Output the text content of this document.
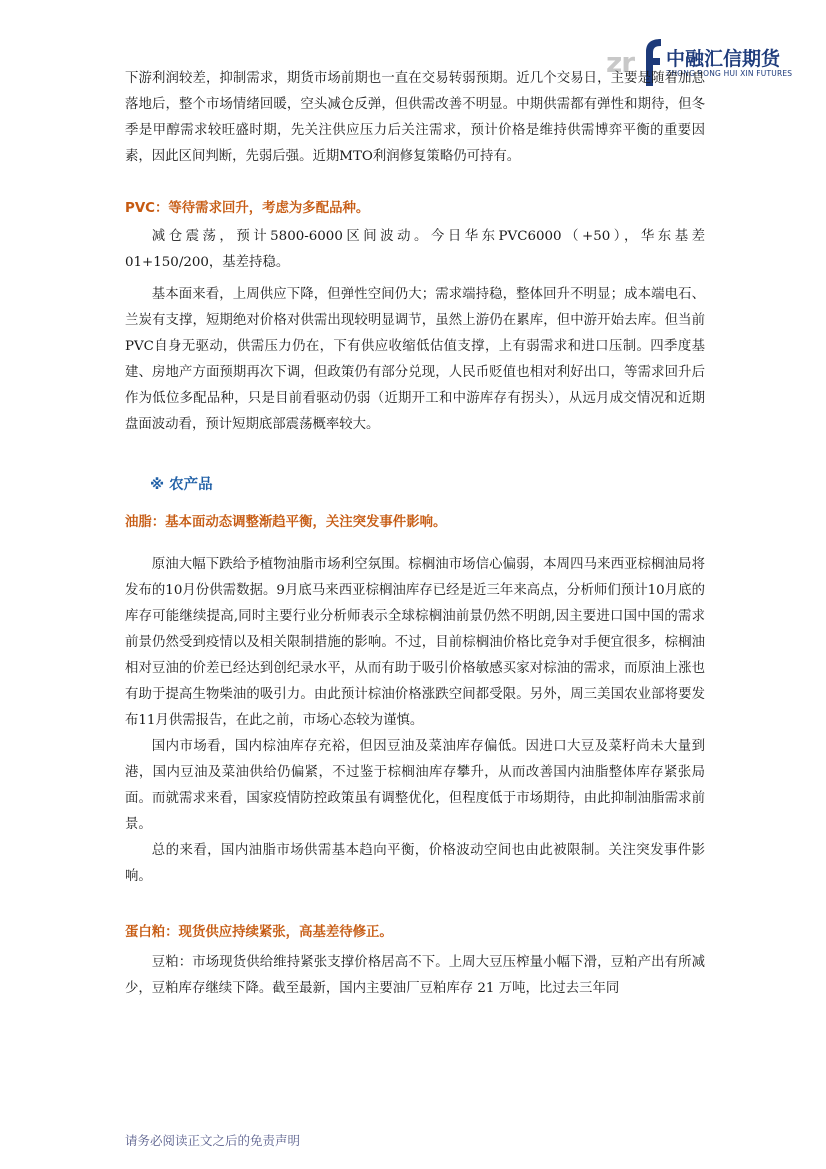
zr 中融汇信期货
ZHONG RONG HUI XIN FUTURES

下游利润较差，抑制需求，期货市场前期也一直在交易转弱预期。近几个交易日，主要是随着加息落地后，整个市场情绪回暖，空头减仓反弹，但供需改善不明显。中期供需都有弹性和期待，但冬季是甲醇需求较旺盛时期，先关注供应压力后关注需求，预计价格是维持供需博弈平衡的重要因素，因此区间判断，先弱后强。近期MTO利润修复策略仍可持有。

PVC：等待需求回升，考虑为多配品种。

减仓震荡，预计5800-6000区间波动。今日华东PVC6000（+50），华东基差01+150/200，基差持稳。

基本面来看，上周供应下降，但弹性空间仍大；需求端持稳，整体回升不明显；成本端电石、兰炭有支撑，短期绝对价格对供需出现较明显调节，虽然上游仍在累库，但中游开始去库。但当前PVC自身无驱动，供需压力仍在，下有供应收缩低估值支撑，上有弱需求和进口压制。四季度基建、房地产方面预期再次下调，但政策仍有部分兑现，人民币贬值也相对利好出口，等需求回升后作为低位多配品种，只是目前看驱动仍弱（近期开工和中游库存有拐头），从远月成交情况和近期盘面波动看，预计短期底部震荡概率较大。

※ 农产品

油脂：基本面动态调整渐趋平衡，关注突发事件影响。

原油大幅下跌给予植物油脂市场利空氛围。棕榈油市场信心偏弱，本周四马来西亚棕榈油局将发布的10月份供需数据。9月底马来西亚棕榈油库存已经是近三年来高点，分析师们预计10月底的库存可能继续提高,同时主要行业分析师表示全球棕榈油前景仍然不明朗,因主要进口国中国的需求前景仍然受到疫情以及相关限制措施的影响。不过，目前棕榈油价格比竞争对手便宜很多，棕榈油相对豆油的价差已经达到创纪录水平，从而有助于吸引价格敏感买家对棕油的需求，而原油上涨也有助于提高生物柴油的吸引力。由此预计棕油价格涨跌空间都受限。另外，周三美国农业部将要发布11月供需报告，在此之前，市场心态较为谨慎。

国内市场看，国内棕油库存充裕，但因豆油及菜油库存偏低。因进口大豆及菜籽尚未大量到港，国内豆油及菜油供给仍偏紧，不过鉴于棕榈油库存攀升，从而改善国内油脂整体库存紧张局面。而就需求来看，国家疫情防控政策虽有调整优化，但程度低于市场期待，由此抑制油脂需求前景。

总的来看，国内油脂市场供需基本趋向平衡，价格波动空间也由此被限制。关注突发事件影响。

蛋白粕：现货供应持续紧张，高基差待修正。

豆粕：市场现货供给维持紧张支撑价格居高不下。上周大豆压榨量小幅下滑，豆粕产出有所减少，豆粕库存继续下降。截至最新，国内主要油厂豆粕库存 21 万吨，比过去三年同

请务必阅读正文之后的免责声明
